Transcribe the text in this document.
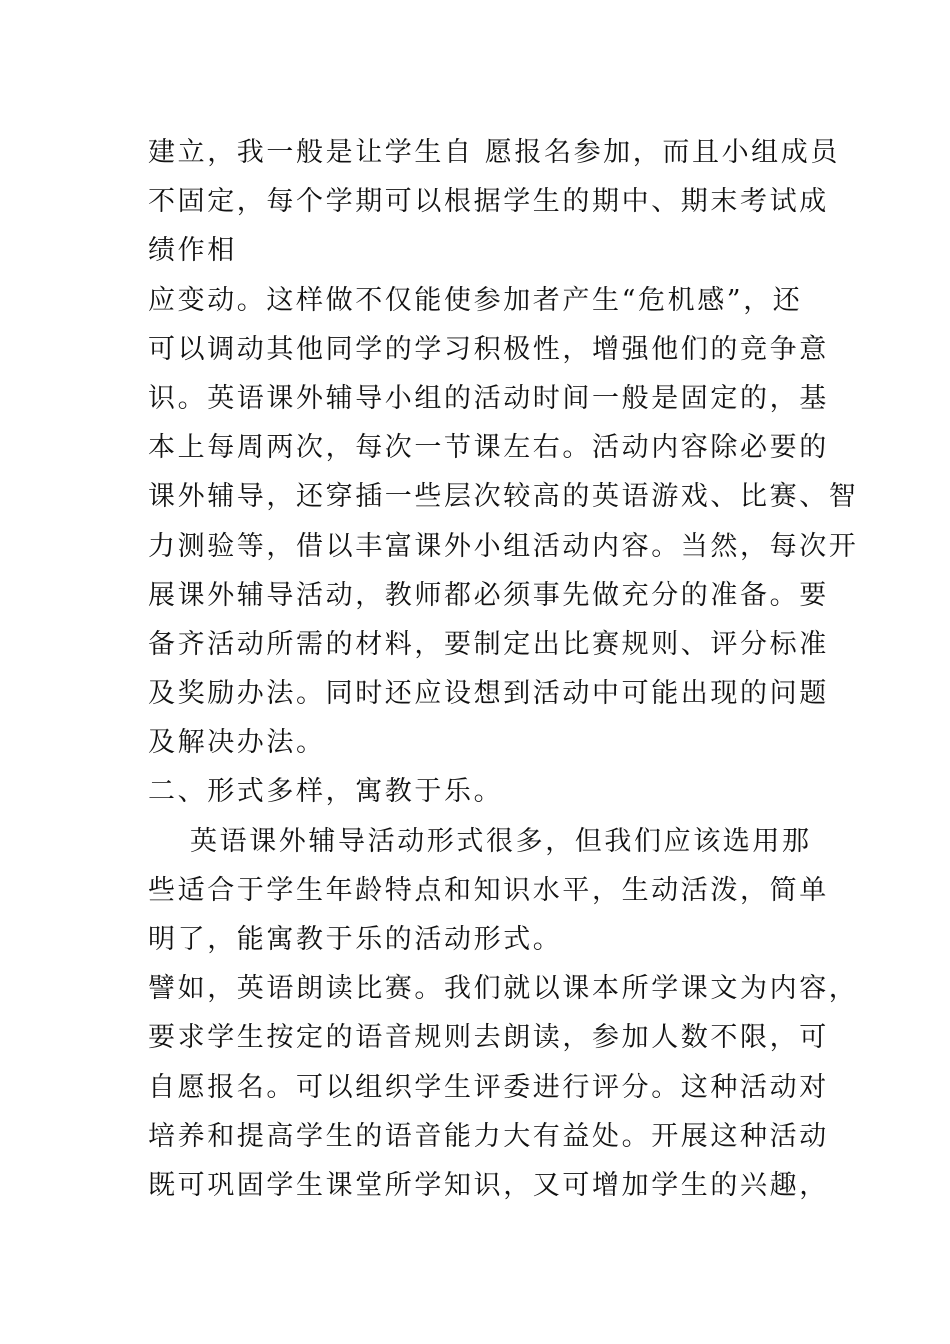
建立，我一般是让学生自 愿报名参加，而且小组成员
不固定，每个学期可以根据学生的期中、期末考试成
绩作相
应变动。这样做不仅能使参加者产生“危机感”，还
可以调动其他同学的学习积极性，增强他们的竞争意
识。英语课外辅导小组的活动时间一般是固定的，基
本上每周两次，每次一节课左右。活动内容除必要的
课外辅导，还穿插一些层次较高的英语游戏、比赛、智
力测验等，借以丰富课外小组活动内容。当然，每次开
展课外辅导活动，教师都必须事先做充分的准备。要
备齐活动所需的材料，要制定出比赛规则、评分标准
及奖励办法。同时还应设想到活动中可能出现的问题
及解决办法。
二、形式多样，寓教于乐。
英语课外辅导活动形式很多，但我们应该选用那
些适合于学生年龄特点和知识水平，生动活泼，简单
明了，能寓教于乐的活动形式。
譬如，英语朗读比赛。我们就以课本所学课文为内容，
要求学生按定的语音规则去朗读，参加人数不限，可
自愿报名。可以组织学生评委进行评分。这种活动对
培养和提高学生的语音能力大有益处。开展这种活动
既可巩固学生课堂所学知识，又可增加学生的兴趣，
